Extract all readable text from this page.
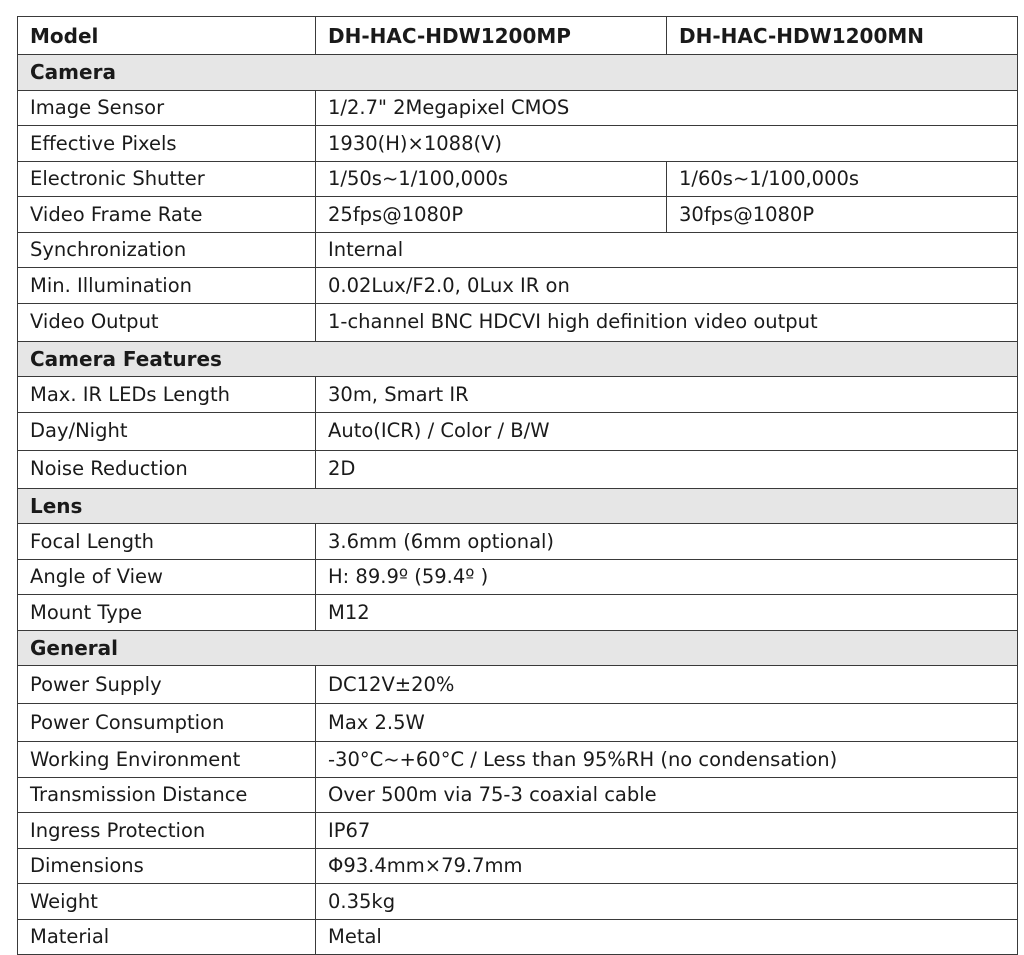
Model	DH-HAC-HDW1200MP	DH-HAC-HDW1200MN
Camera		
Image Sensor	1/2.7" 2Megapixel CMOS	
Effective Pixels	1930(H)×1088(V)	
Electronic Shutter	1/50s~1/100,000s	1/60s~1/100,000s
Video Frame Rate	25fps@1080P	30fps@1080P
Synchronization	Internal	
Min. Illumination	0.02Lux/F2.0, 0Lux IR on	
Video Output	1-channel BNC HDCVI high definition video output	
Camera Features		
Max. IR LEDs Length	30m, Smart IR	
Day/Night	Auto(ICR) / Color / B/W	
Noise Reduction	2D	
Lens		
Focal Length	3.6mm (6mm optional)	
Angle of View	H: 89.9º (59.4º )	
Mount Type	M12	
General		
Power Supply	DC12V±20%	
Power Consumption	Max 2.5W	
Working Environment	-30°C~+60°C / Less than 95%RH (no condensation)	
Transmission Distance	Over 500m via 75-3 coaxial cable	
Ingress Protection	IP67	
Dimensions	Φ93.4mm×79.7mm	
Weight	0.35kg	
Material	Metal	
